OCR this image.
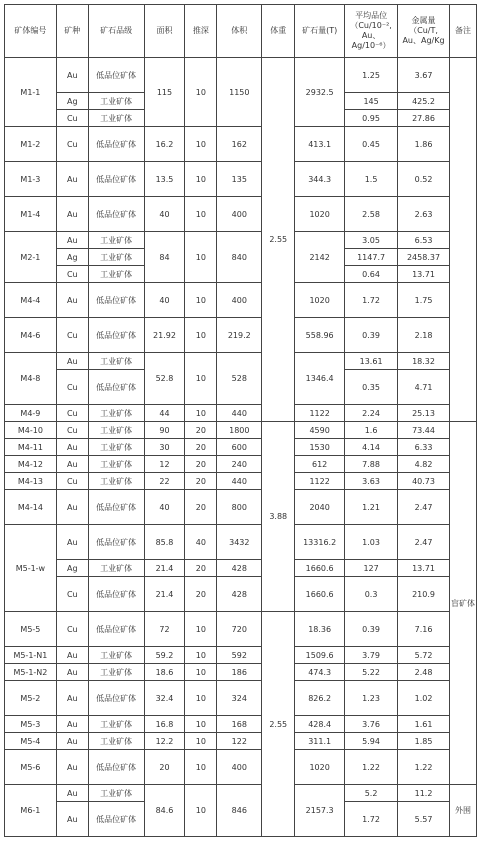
矿体编号	矿种	矿石品级	面积	推深	体积	体重	矿石量(T)	平均品位（Cu/10⁻², Au、Ag/10⁻⁶）	金属量（Cu/T, Au、Ag/Kg	备注
M1-1	Au	低品位矿体	115	10	1150	2.55	2932.5	1.25	3.67	
	Ag	工业矿体						145	425.2	
	Cu	工业矿体						0.95	27.86	
M1-2	Cu	低品位矿体	16.2	10	162		413.1	0.45	1.86	
M1-3	Au	低品位矿体	13.5	10	135		344.3	1.5	0.52	
M1-4	Au	低品位矿体	40	10	400		1020	2.58	2.63	
M2-1	Au	工业矿体	84	10	840		2142	3.05	6.53	
	Ag	工业矿体						1147.7	2458.37	
	Cu	工业矿体						0.64	13.71	
M4-4	Au	低品位矿体	40	10	400		1020	1.72	1.75	
M4-6	Cu	低品位矿体	21.92	10	219.2		558.96	0.39	2.18	
M4-8	Au	工业矿体	52.8	10	528		1346.4	13.61	18.32	
	Cu	低品位矿体						0.35	4.71	
M4-9	Cu	工业矿体	44	10	440		1122	2.24	25.13	
M4-10	Cu	工业矿体	90	20	1800	3.88	4590	1.6	73.44	盲矿体
M4-11	Au	工业矿体	30	20	600		1530	4.14	6.33	
M4-12	Au	工业矿体	12	20	240		612	7.88	4.82	
M4-13	Cu	工业矿体	22	20	440		1122	3.63	40.73	
M4-14	Au	低品位矿体	40	20	800		2040	1.21	2.47	
M5-1-w	Au	低品位矿体	85.8	40	3432		13316.2	1.03	2.47	
	Ag	工业矿体	21.4	20	428		1660.6	127	13.71	
	Cu	低品位矿体	21.4	20	428		1660.6	0.3	210.9	
M5-5	Cu	低品位矿体	72	10	720	2.55	18.36	0.39	7.16	
M5-1-N1	Au	工业矿体	59.2	10	592		1509.6	3.79	5.72	
M5-1-N2	Au	工业矿体	18.6	10	186		474.3	5.22	2.48	
M5-2	Au	低品位矿体	32.4	10	324		826.2	1.23	1.02	
M5-3	Au	工业矿体	16.8	10	168		428.4	3.76	1.61	
M5-4	Au	工业矿体	12.2	10	122		311.1	5.94	1.85	
M5-6	Au	低品位矿体	20	10	400		1020	1.22	1.22	
M6-1	Au	工业矿体	84.6	10	846		2157.3	5.2	11.2	外围
	Au	低品位矿体						1.72	5.57	
